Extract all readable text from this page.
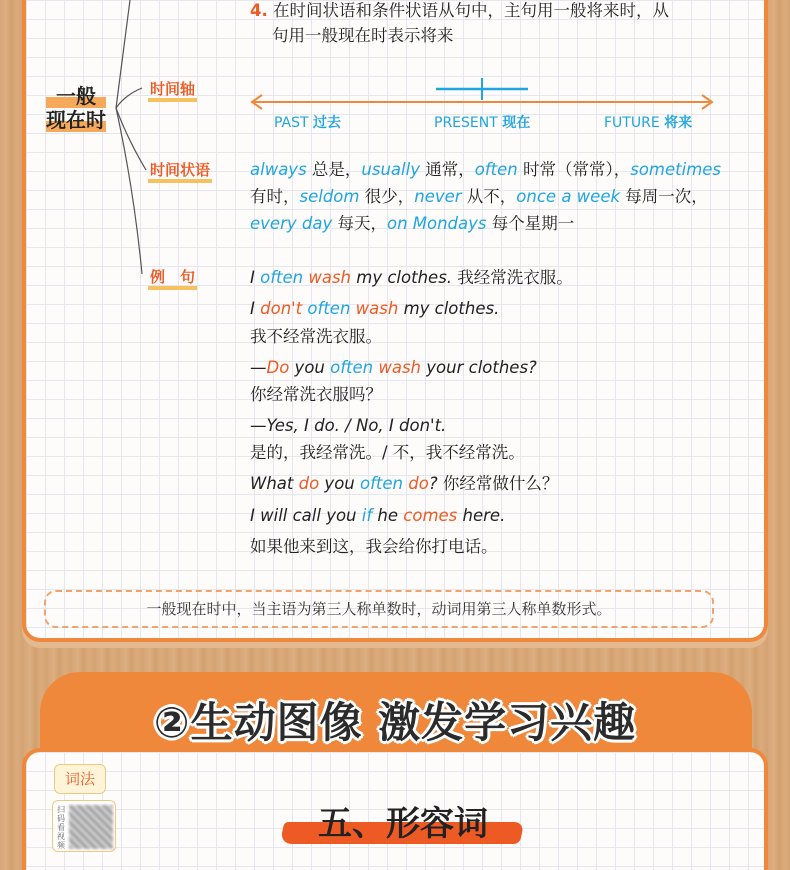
4. 在时间状语和条件状语从句中，主句用一般将来时，从
句用一般现在时表示将来
一般
现在时
时间轴
PAST 过去	PRESENT 现在	FUTURE 将来
时间状语 always 总是，usually 通常，often 时常（常常），sometimes
有时，seldom 很少，never 从不，once a week 每周一次，
every day 每天，on Mondays 每个星期一
例　句	I often wash my clothes. 我经常洗衣服。
I don't often wash my clothes.
我不经常洗衣服。
—Do you often wash your clothes?
你经常洗衣服吗？
—Yes, I do. / No, I don't.
是的，我经常洗。/ 不，我不经常洗。
What do you often do? 你经常做什么？
I will call you if he comes here.
如果他来到这，我会给你打电话。
一般现在时中，当主语为第三人称单数时，动词用第三人称单数形式。
②生动图像 激发学习兴趣
词法
扫码看视频
五、形容词
